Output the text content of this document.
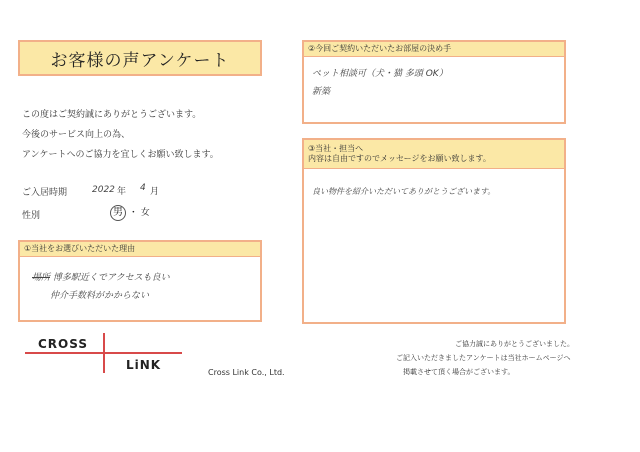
お客様の声アンケート
この度はご契約誠にありがとうございます。
今後のサービス向上の為、
アンケートへのご協力を宜しくお願い致します。
ご入居時期	2022 年 4 月
性別	男 ・ 女
①当社をお選びいただいた理由
場所 博多駅近くでアクセスも良い
仲介手数料がかからない
②今回ご契約いただいたお部屋の決め手
ペット相談可（犬・猫 多頭 OK）
新築
③当社・担当へ
内容は自由ですのでメッセージをお願い致します。
良い物件を紹介いただいてありがとうございます。
CROSS
LiNK
Cross Link Co., Ltd.
ご協力誠にありがとうございました。
ご記入いただきましたアンケートは当社ホームページへ
掲載させて頂く場合がございます。
